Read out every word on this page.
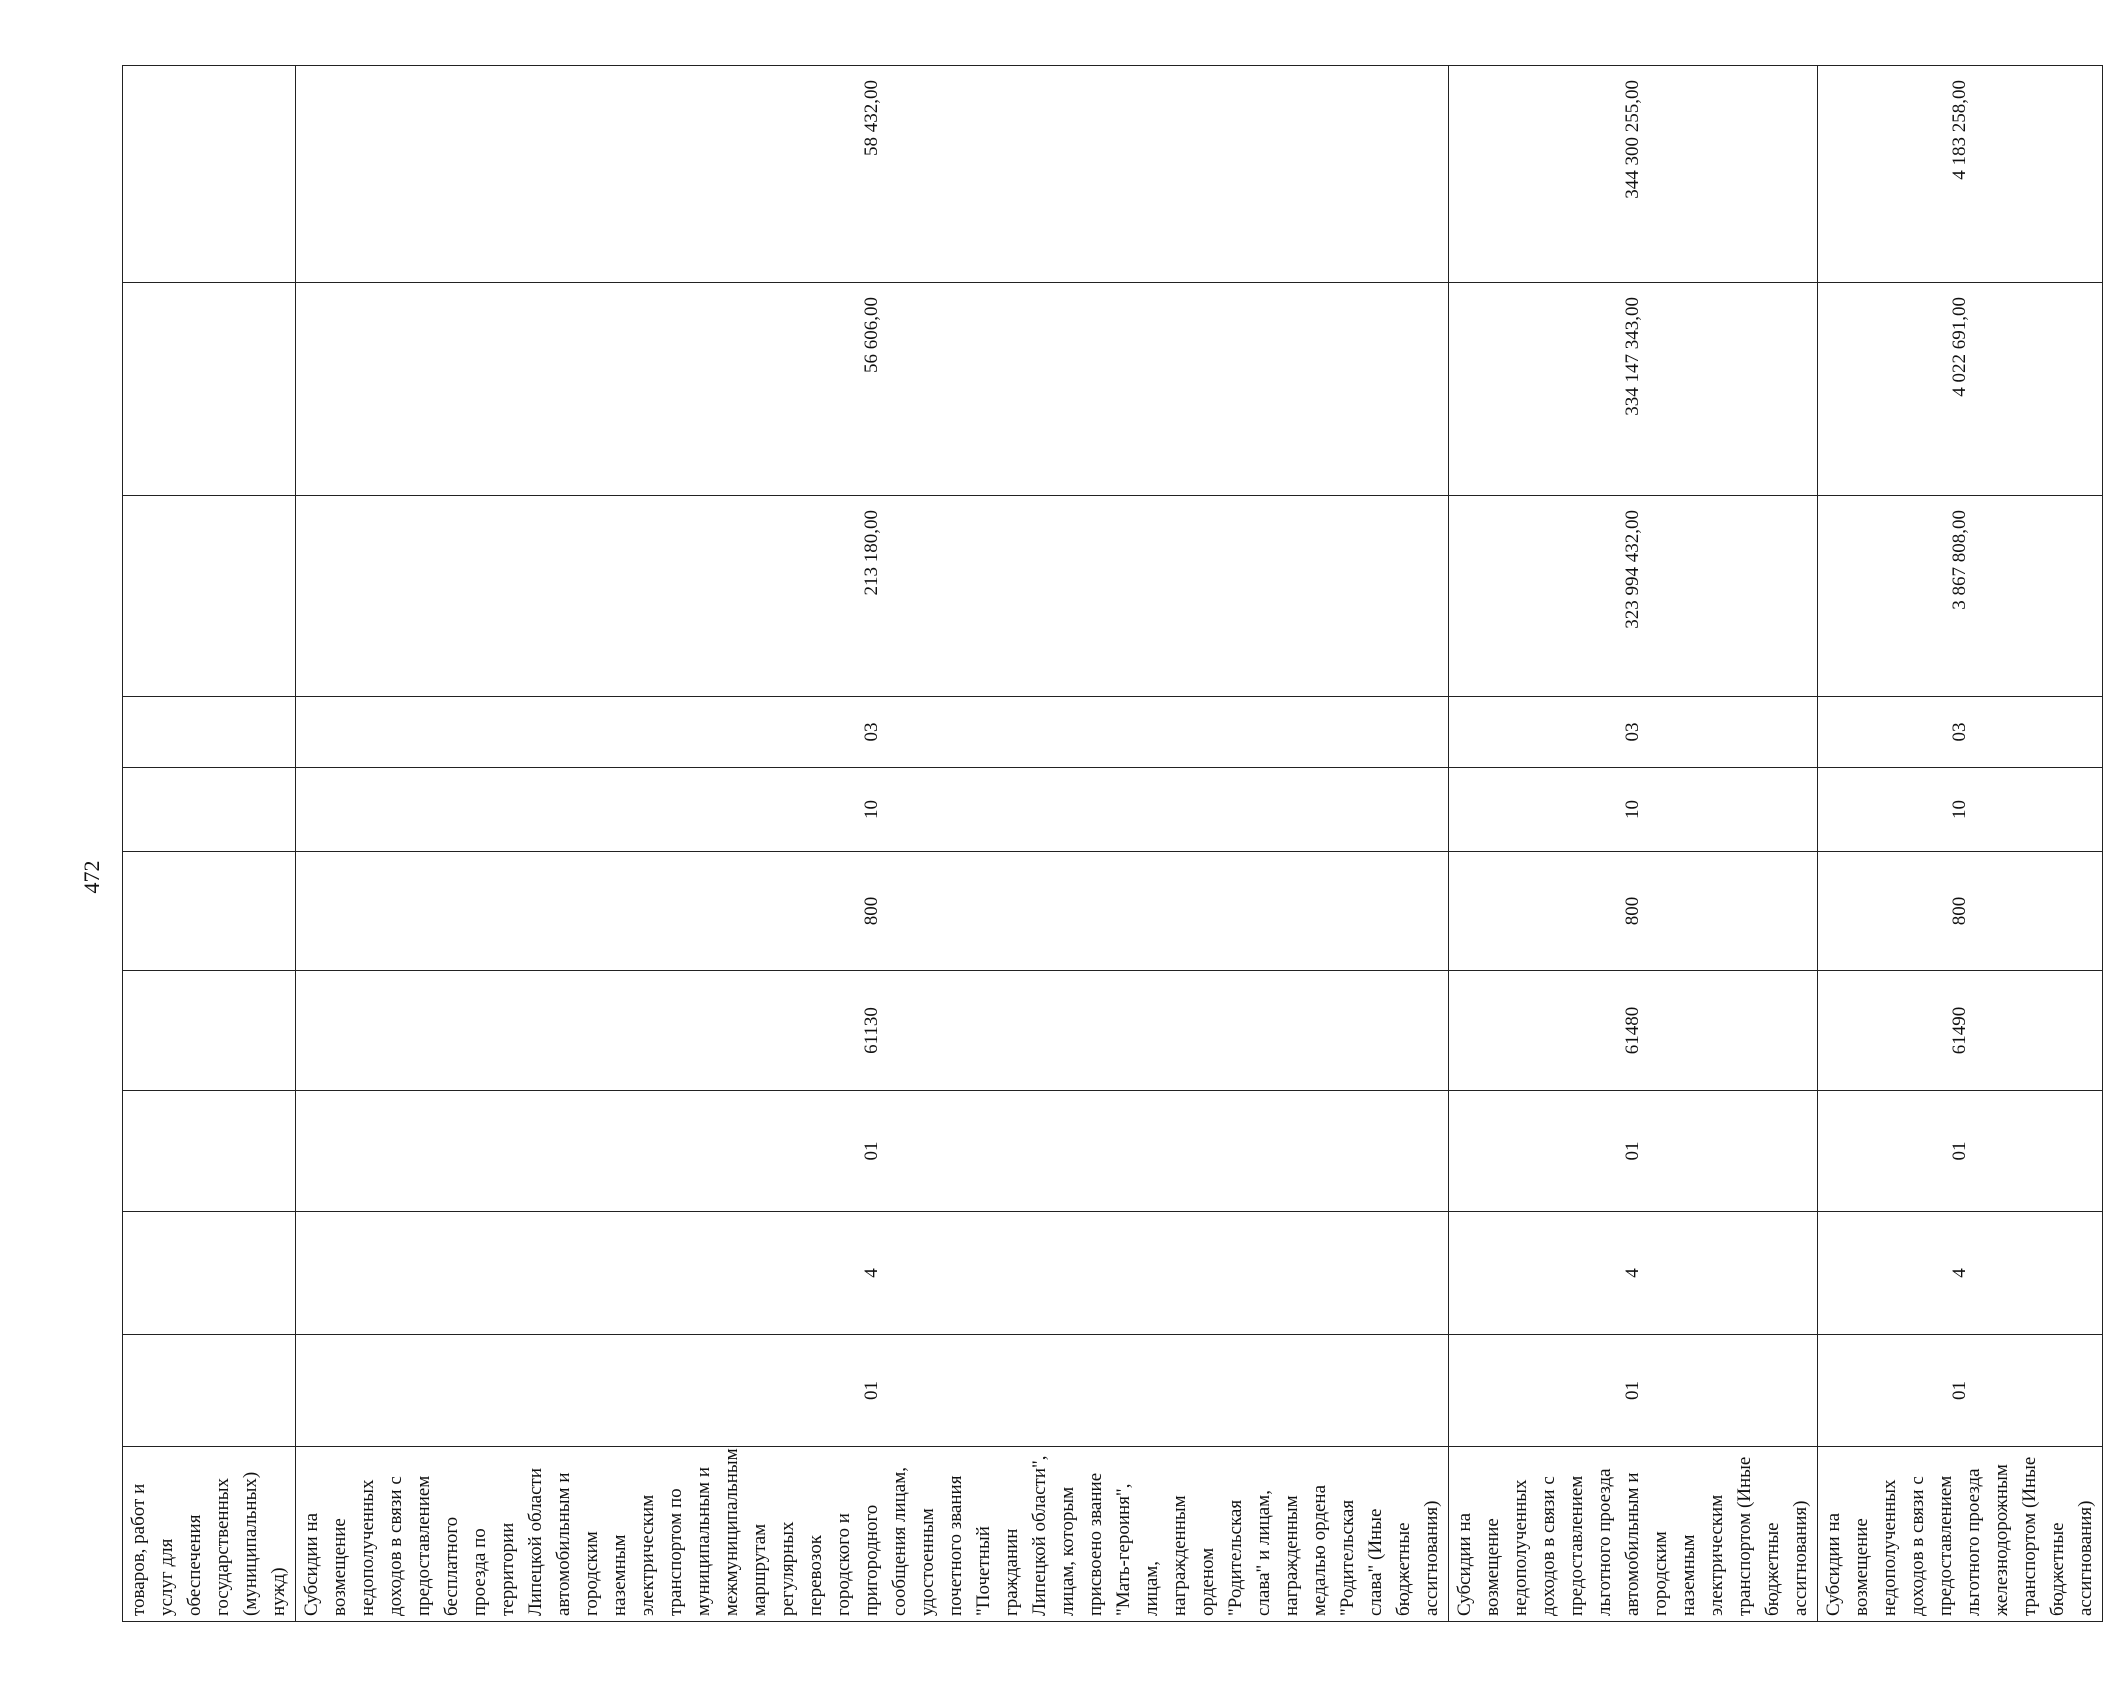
472
товаров, работ и услуг для обеспечения государственных (муниципальных) нужд)										
Субсидии на возмещение недополученных доходов в связи с предоставлением бесплатного проезда по территории Липецкой области автомобильным и городским наземным электрическим транспортом по муниципальным и межмуниципальным маршрутам регулярных перевозок городского и пригородного сообщения лицам, удостоенным почетного звания "Почетный гражданин Липецкой области", лицам, которым присвоено звание "Мать-героиня", лицам, награжденным орденом "Родительская слава" и лицам, награжденным медалью ордена "Родительская слава" (Иные бюджетные ассигнования)	01	4	01	61130	800	10	03	213 180,00	56 606,00	58 432,00
Субсидии на возмещение недополученных доходов в связи с предоставлением льготного проезда автомобильным и городским наземным электрическим транспортом (Иные бюджетные ассигнования)	01	4	01	61480	800	10	03	323 994 432,00	334 147 343,00	344 300 255,00
Субсидии на возмещение недополученных доходов в связи с предоставлением льготного проезда железнодорожным транспортом (Иные бюджетные ассигнования)	01	4	01	61490	800	10	03	3 867 808,00	4 022 691,00	4 183 258,00
